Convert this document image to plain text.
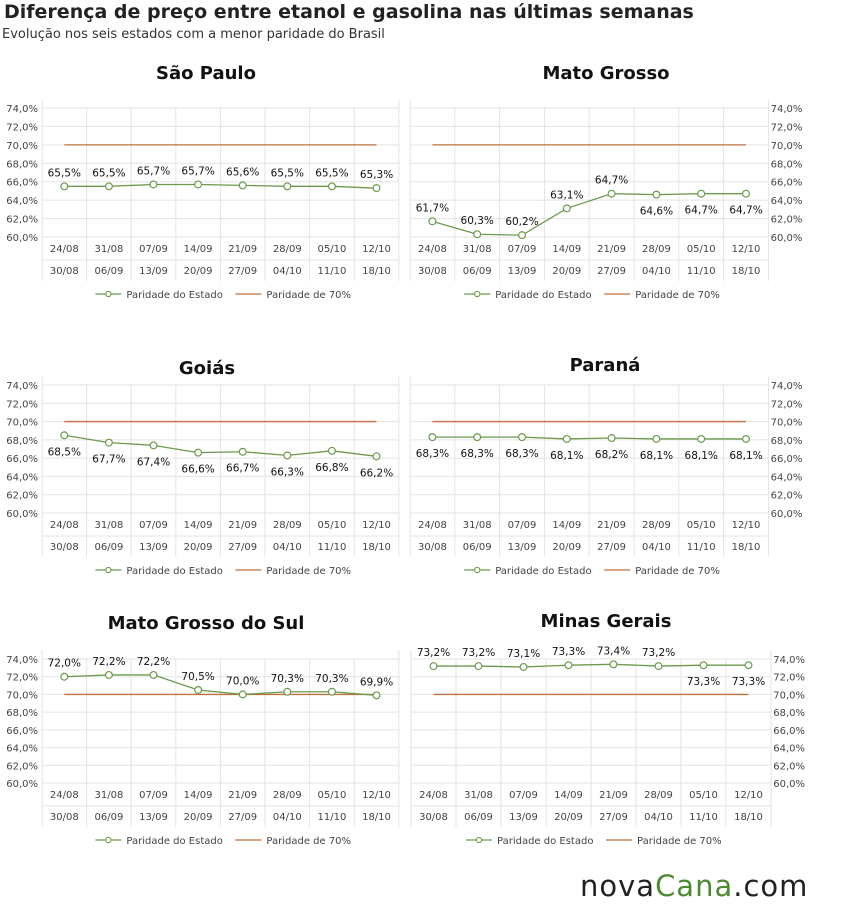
Diferença de preço entre etanol e gasolina nas últimas semanas
Evolução nos seis estados com a menor paridade do Brasil
São Paulo
60,0%
62,0%
64,0%
66,0%
68,0%
70,0%
72,0%
74,0%
24/08
30/08
31/08
06/09
07/09
13/09
14/09
20/09
21/09
27/09
28/09
04/10
05/10
11/10
12/10
18/10
65,5% 65,5% 65,7% 65,7% 65,6% 65,5% 65,5% 65,3%
Paridade do Estado	Paridade de 70%
Mato Grosso
60,0%
62,0%
64,0%
66,0%
68,0%
70,0%
72,0%
74,0%
24/08
30/08
31/08
06/09
07/09
13/09
14/09
20/09
21/09
27/09
28/09
04/10
05/10
11/10
12/10
18/10
61,7%
60,3% 60,2%
63,1%
64,7%
64,6% 64,7% 64,7%
Paridade do Estado	Paridade de 70%
Goiás
60,0%
62,0%
64,0%
66,0%
68,0%
70,0%
72,0%
74,0%
24/08
30/08
31/08
06/09
07/09
13/09
14/09
20/09
21/09
27/09
28/09
04/10
05/10
11/10
12/10
18/10
68,5%
67,7% 67,4%
66,6% 66,7% 66,3% 66,8% 66,2%
Paridade do Estado	Paridade de 70%
Paraná
60,0%
62,0%
64,0%
66,0%
68,0%
70,0%
72,0%
74,0%
24/08
30/08
31/08
06/09
07/09
13/09
14/09
20/09
21/09
27/09
28/09
04/10
05/10
11/10
12/10
18/10
68,3% 68,3% 68,3% 68,1% 68,2% 68,1% 68,1% 68,1%
Paridade do Estado	Paridade de 70%
Mato Grosso do Sul
60,0%
62,0%
64,0%
66,0%
68,0%
70,0%
72,0%
74,0%
24/08
30/08
31/08
06/09
07/09
13/09
14/09
20/09
21/09
27/09
28/09
04/10
05/10
11/10
12/10
18/10
72,0% 72,2% 72,2%
70,5% 70,0% 70,3% 70,3% 69,9%
Paridade do Estado	Paridade de 70%
Minas Gerais
60,0%
62,0%
64,0%
66,0%
68,0%
70,0%
72,0%
74,0%
24/08
30/08
31/08
06/09
07/09
13/09
14/09
20/09
21/09
27/09
28/09
04/10
05/10
11/10
12/10
18/10
73,2% 73,2% 73,1% 73,3% 73,4% 73,2%
73,3% 73,3%
Paridade do Estado	Paridade de 70%
novaCana.com
